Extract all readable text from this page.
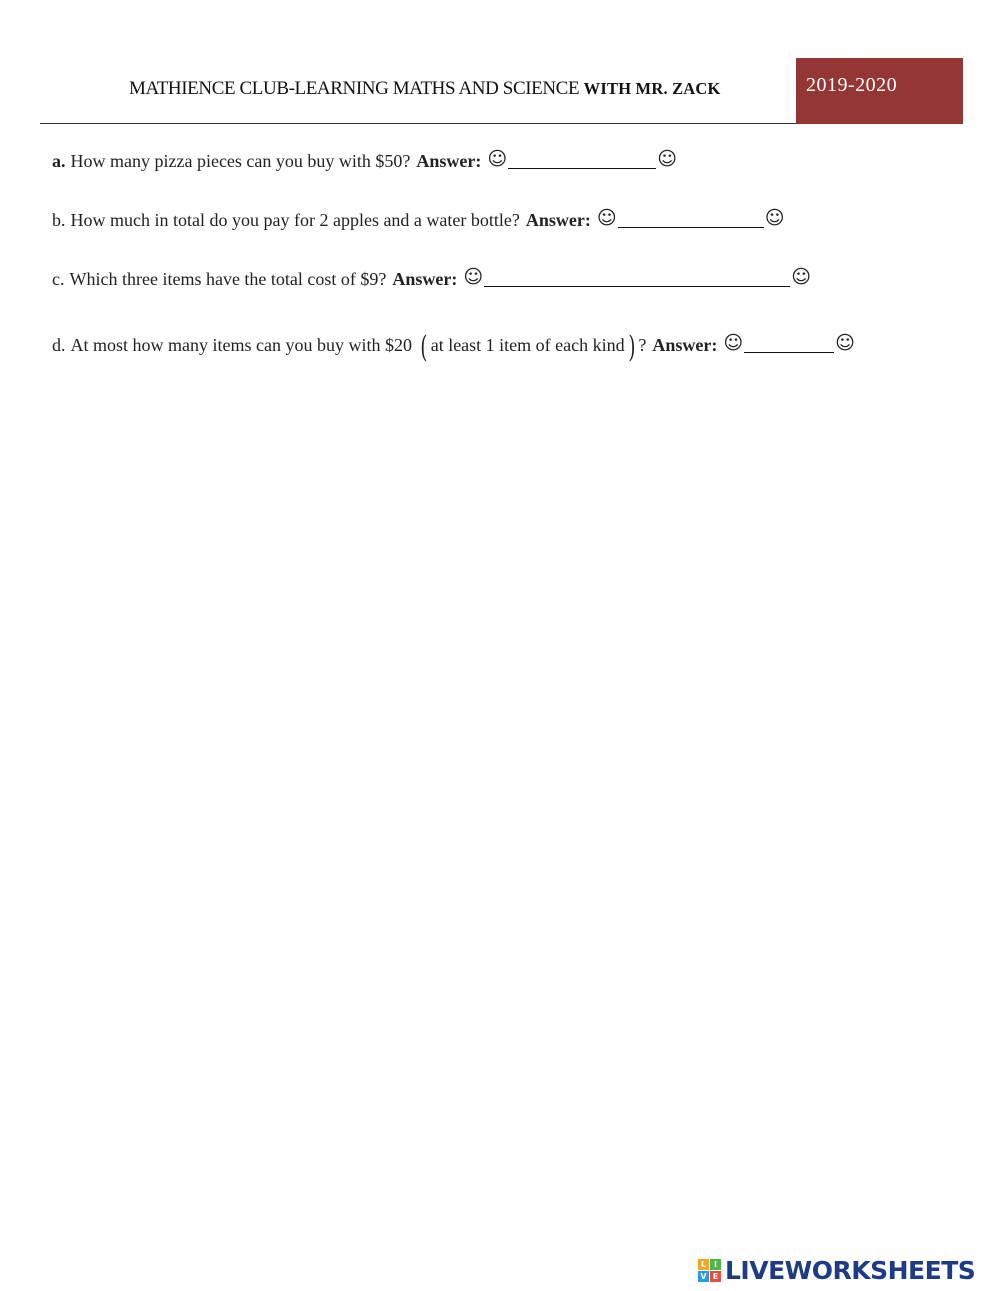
MATHIENCE CLUB-LEARNING MATHS AND SCIENCE WITH MR. ZACK	2019-2020
a. How many pizza pieces can you buy with $50? Answer: ☺	☺
b. How much in total do you pay for 2 apples and a water bottle? Answer: ☺	☺
c. Which three items have the total cost of $9? Answer: ☺	☺
d. At most how many items can you buy with $20 ( at least 1 item of each kind ) ? Answer: ☺	☺
L I
V E LIVEWORKSHEETS
